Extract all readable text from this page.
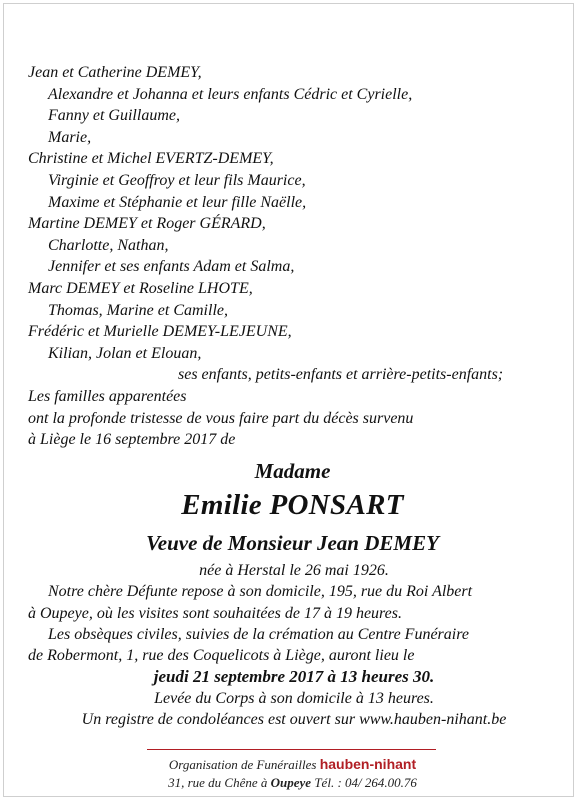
Jean et Catherine DEMEY,
Alexandre et Johanna et leurs enfants Cédric et Cyrielle,
Fanny et Guillaume,
Marie,
Christine et Michel EVERTZ-DEMEY,
Virginie et Geoffroy et leur fils Maurice,
Maxime et Stéphanie et leur fille Naëlle,
Martine DEMEY et Roger GÉRARD,
Charlotte, Nathan,
Jennifer et ses enfants Adam et Salma,
Marc DEMEY et Roseline LHOTE,
Thomas, Marine et Camille,
Frédéric et Murielle DEMEY-LEJEUNE,
Kilian, Jolan et Elouan,
ses enfants, petits-enfants et arrière-petits-enfants;
Les familles apparentées
ont la profonde tristesse de vous faire part du décès survenu
à Liège le 16 septembre 2017 de
Madame
Emilie PONSART
Veuve de Monsieur Jean DEMEY
née à Herstal le 26 mai 1926.
Notre chère Défunte repose à son domicile, 195, rue du Roi Albert
à Oupeye, où les visites sont souhaitées de 17 à 19 heures.
Les obsèques civiles, suivies de la crémation au Centre Funéraire
de Robermont, 1, rue des Coquelicots à Liège, auront lieu le
jeudi 21 septembre 2017 à 13 heures 30.
Levée du Corps à son domicile à 13 heures.
Un registre de condoléances est ouvert sur www.hauben-nihant.be
Organisation de Funérailles hauben-nihant
31, rue du Chêne à Oupeye Tél. : 04/ 264.00.76
